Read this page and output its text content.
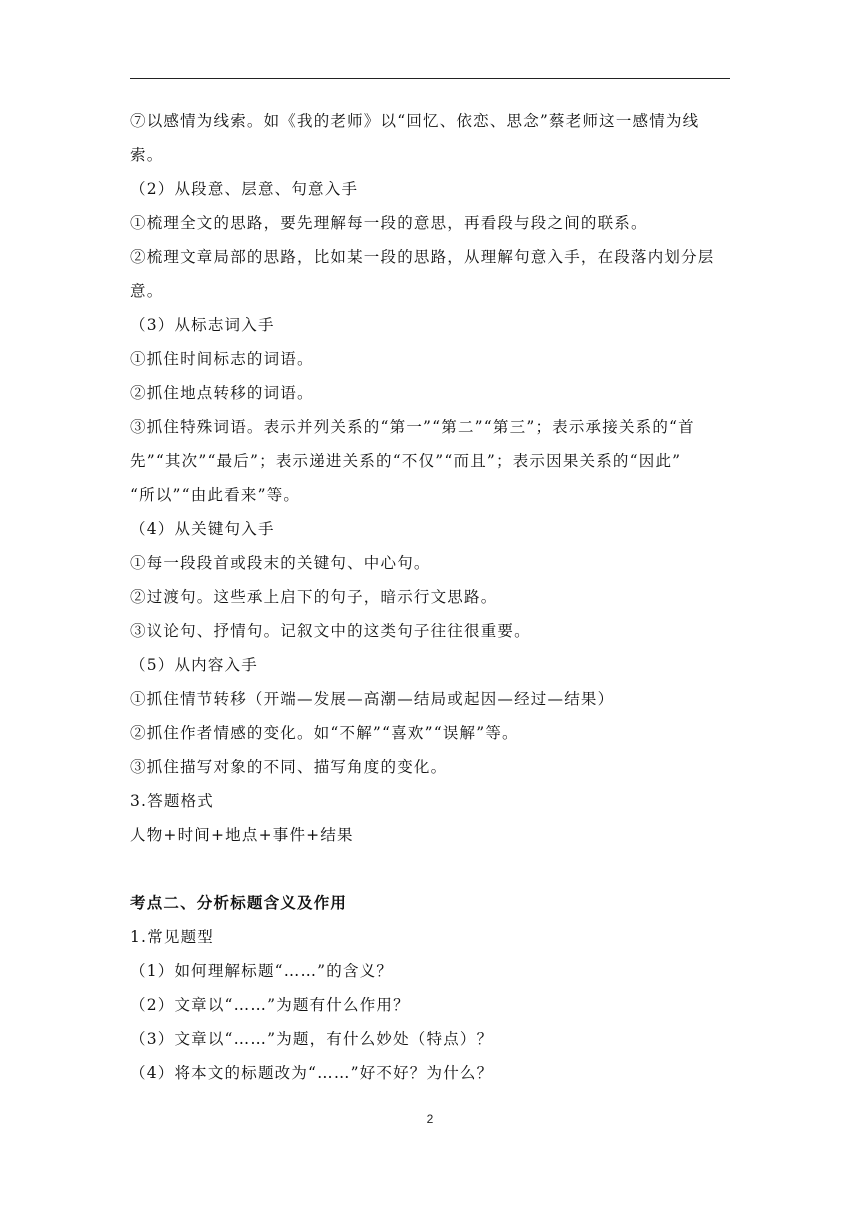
⑦以感情为线索。如《我的老师》以“回忆、依恋、思念”蔡老师这一感情为线
索。
（2）从段意、层意、句意入手
①梳理全文的思路，要先理解每一段的意思，再看段与段之间的联系。
②梳理文章局部的思路，比如某一段的思路，从理解句意入手，在段落内划分层
意。
（3）从标志词入手
①抓住时间标志的词语。
②抓住地点转移的词语。
③抓住特殊词语。表示并列关系的“第一”“第二”“第三”；表示承接关系的“首
先”“其次”“最后”；表示递进关系的“不仅”“而且”；表示因果关系的“因此”
“所以”“由此看来”等。
（4）从关键句入手
①每一段段首或段末的关键句、中心句。
②过渡句。这些承上启下的句子，暗示行文思路。
③议论句、抒情句。记叙文中的这类句子往往很重要。
（5）从内容入手
①抓住情节转移（开端—发展—高潮—结局或起因—经过—结果）
②抓住作者情感的变化。如“不解”“喜欢”“误解”等。
③抓住描写对象的不同、描写角度的变化。
3.答题格式
人物+时间+地点+事件+结果
考点二、分析标题含义及作用
1.常见题型
（1）如何理解标题“……”的含义？
（2）文章以“……”为题有什么作用？
（3）文章以“……”为题，有什么妙处（特点）？
（4）将本文的标题改为“……”好不好？为什么？
2
